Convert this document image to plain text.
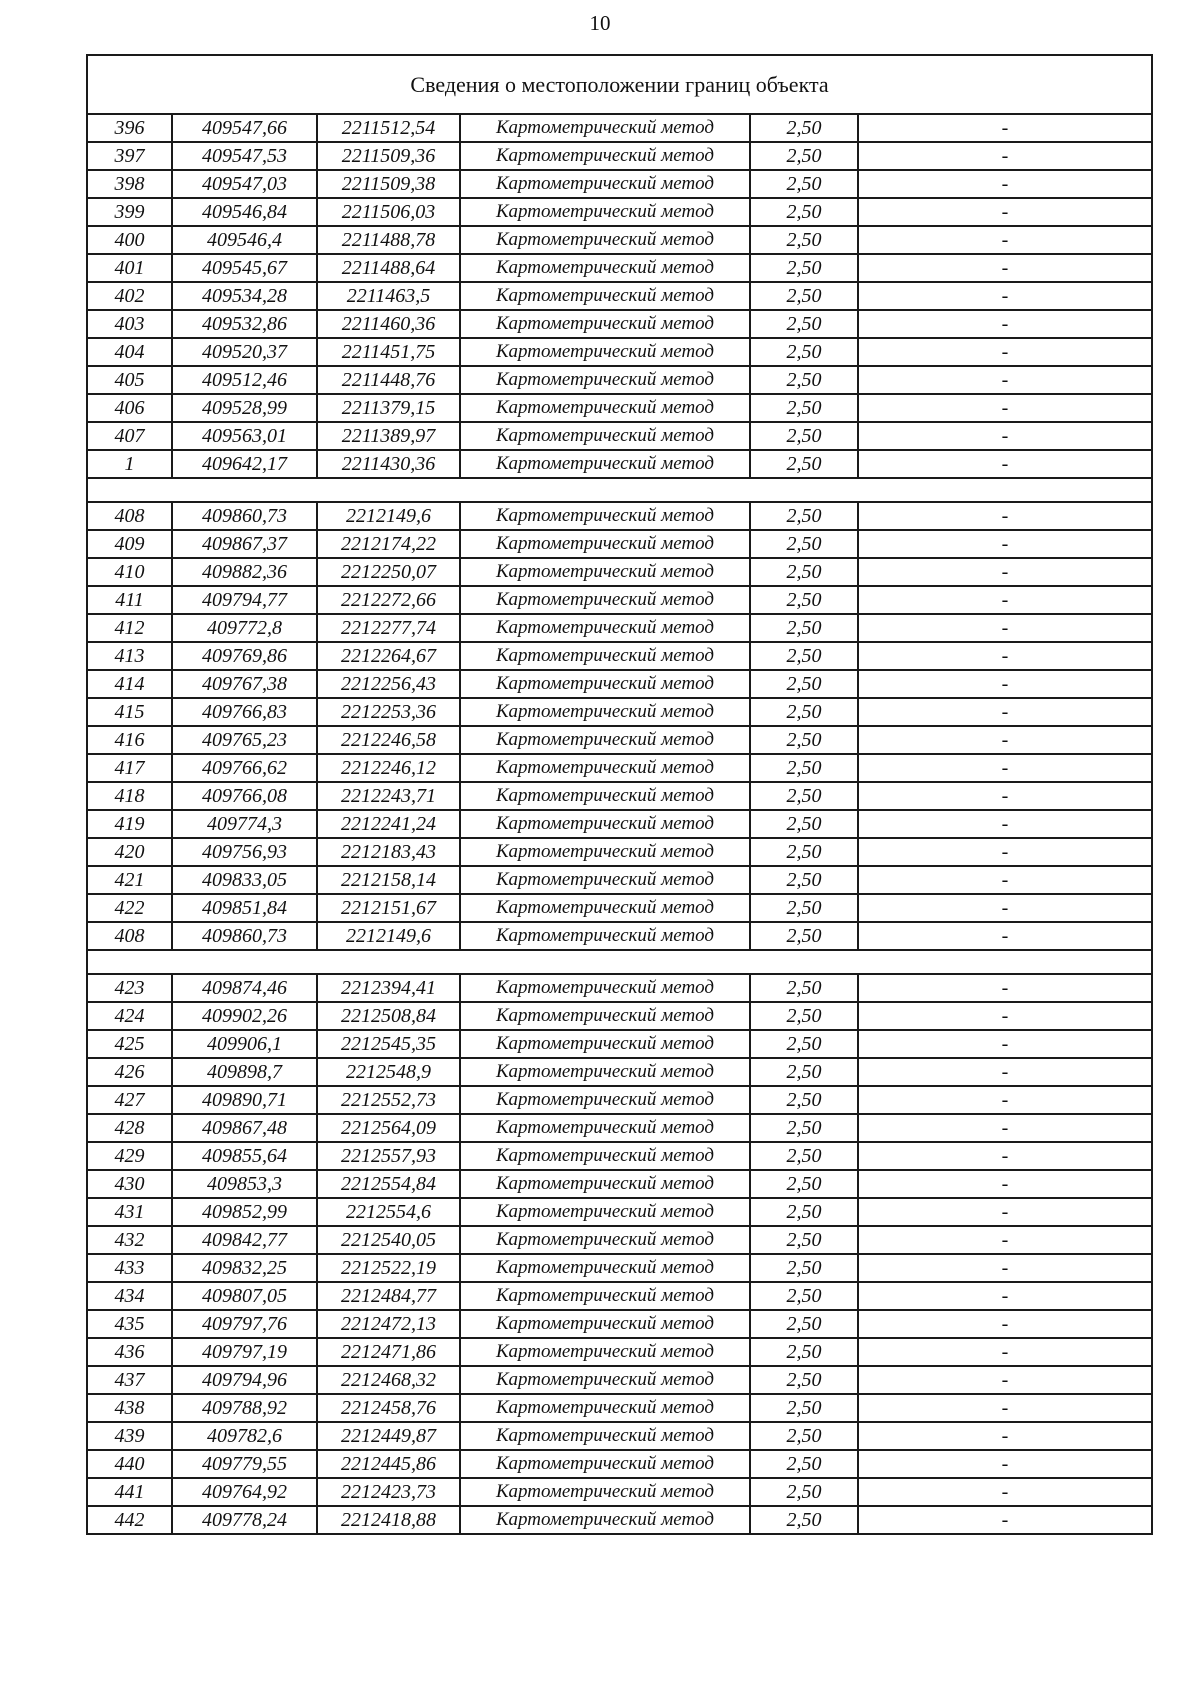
10
Сведения о местоположении границ объекта					
396	409547,66	2211512,54	Картометрический метод	2,50	-
397	409547,53	2211509,36	Картометрический метод	2,50	-
398	409547,03	2211509,38	Картометрический метод	2,50	-
399	409546,84	2211506,03	Картометрический метод	2,50	-
400	409546,4	2211488,78	Картометрический метод	2,50	-
401	409545,67	2211488,64	Картометрический метод	2,50	-
402	409534,28	2211463,5	Картометрический метод	2,50	-
403	409532,86	2211460,36	Картометрический метод	2,50	-
404	409520,37	2211451,75	Картометрический метод	2,50	-
405	409512,46	2211448,76	Картометрический метод	2,50	-
406	409528,99	2211379,15	Картометрический метод	2,50	-
407	409563,01	2211389,97	Картометрический метод	2,50	-
1	409642,17	2211430,36	Картометрический метод	2,50	-

408	409860,73	2212149,6	Картометрический метод	2,50	-
409	409867,37	2212174,22	Картометрический метод	2,50	-
410	409882,36	2212250,07	Картометрический метод	2,50	-
411	409794,77	2212272,66	Картометрический метод	2,50	-
412	409772,8	2212277,74	Картометрический метод	2,50	-
413	409769,86	2212264,67	Картометрический метод	2,50	-
414	409767,38	2212256,43	Картометрический метод	2,50	-
415	409766,83	2212253,36	Картометрический метод	2,50	-
416	409765,23	2212246,58	Картометрический метод	2,50	-
417	409766,62	2212246,12	Картометрический метод	2,50	-
418	409766,08	2212243,71	Картометрический метод	2,50	-
419	409774,3	2212241,24	Картометрический метод	2,50	-
420	409756,93	2212183,43	Картометрический метод	2,50	-
421	409833,05	2212158,14	Картометрический метод	2,50	-
422	409851,84	2212151,67	Картометрический метод	2,50	-
408	409860,73	2212149,6	Картометрический метод	2,50	-

423	409874,46	2212394,41	Картометрический метод	2,50	-
424	409902,26	2212508,84	Картометрический метод	2,50	-
425	409906,1	2212545,35	Картометрический метод	2,50	-
426	409898,7	2212548,9	Картометрический метод	2,50	-
427	409890,71	2212552,73	Картометрический метод	2,50	-
428	409867,48	2212564,09	Картометрический метод	2,50	-
429	409855,64	2212557,93	Картометрический метод	2,50	-
430	409853,3	2212554,84	Картометрический метод	2,50	-
431	409852,99	2212554,6	Картометрический метод	2,50	-
432	409842,77	2212540,05	Картометрический метод	2,50	-
433	409832,25	2212522,19	Картометрический метод	2,50	-
434	409807,05	2212484,77	Картометрический метод	2,50	-
435	409797,76	2212472,13	Картометрический метод	2,50	-
436	409797,19	2212471,86	Картометрический метод	2,50	-
437	409794,96	2212468,32	Картометрический метод	2,50	-
438	409788,92	2212458,76	Картометрический метод	2,50	-
439	409782,6	2212449,87	Картометрический метод	2,50	-
440	409779,55	2212445,86	Картометрический метод	2,50	-
441	409764,92	2212423,73	Картометрический метод	2,50	-
442	409778,24	2212418,88	Картометрический метод	2,50	-
